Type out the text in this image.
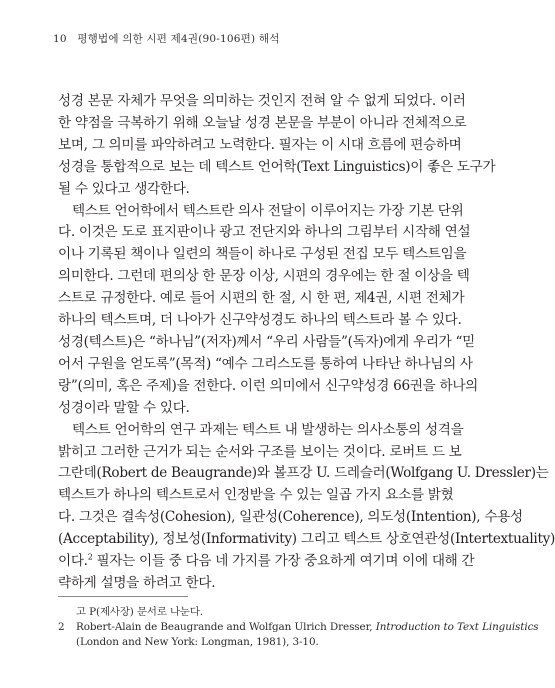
10 평행법에 의한 시편 제4권(90-106편) 해석
성경 본문 자체가 무엇을 의미하는 것인지 전혀 알 수 없게 되었다. 이러
한 약점을 극복하기 위해 오늘날 성경 본문을 부분이 아니라 전체적으로
보며, 그 의미를 파악하려고 노력한다. 필자는 이 시대 흐름에 편승하며
성경을 통합적으로 보는 데 텍스트 언어학(Text Linguistics)이 좋은 도구가
될 수 있다고 생각한다.
텍스트 언어학에서 텍스트란 의사 전달이 이루어지는 가장 기본 단위
다. 이것은 도로 표지판이나 광고 전단지와 하나의 그림부터 시작해 연설
이나 기록된 책이나 일련의 책들이 하나로 구성된 전집 모두 텍스트임을
의미한다. 그런데 편의상 한 문장 이상, 시편의 경우에는 한 절 이상을 텍
스트로 규정한다. 예로 들어 시편의 한 절, 시 한 편, 제4권, 시편 전체가
하나의 텍스트며, 더 나아가 신구약성경도 하나의 텍스트라 볼 수 있다.
성경(텍스트)은 “하나님”(저자)께서 “우리 사람들”(독자)에게 우리가 “믿
어서 구원을 얻도록”(목적) “예수 그리스도를 통하여 나타난 하나님의 사
랑”(의미, 혹은 주제)을 전한다. 이런 의미에서 신구약성경 66권을 하나의
성경이라 말할 수 있다.
텍스트 언어학의 연구 과제는 텍스트 내 발생하는 의사소통의 성격을
밝히고 그러한 근거가 되는 순서와 구조를 보이는 것이다. 로버트 드 보
그란데(Robert de Beaugrande)와 볼프강 U. 드레슬러(Wolfgang U. Dressler)는
텍스트가 하나의 텍스트로서 인정받을 수 있는 일곱 가지 요소를 밝혔
다. 그것은 결속성(Cohesion), 일관성(Coherence), 의도성(Intention), 수용성
(Acceptability), 정보성(Informativity) 그리고 텍스트 상호연관성(Intertextuality)
이다.$^2$ 필자는 이들 중 다음 네 가지를 가장 중요하게 여기며 이에 대해 간
략하게 설명을 하려고 한다.
고 P(제사장) 문서로 나눈다.
2 Robert-Alain de Beaugrande and Wolfgan Ulrich Dresser, Introduction to Text Linguistics
(London and New York: Longman, 1981), 3-10.
